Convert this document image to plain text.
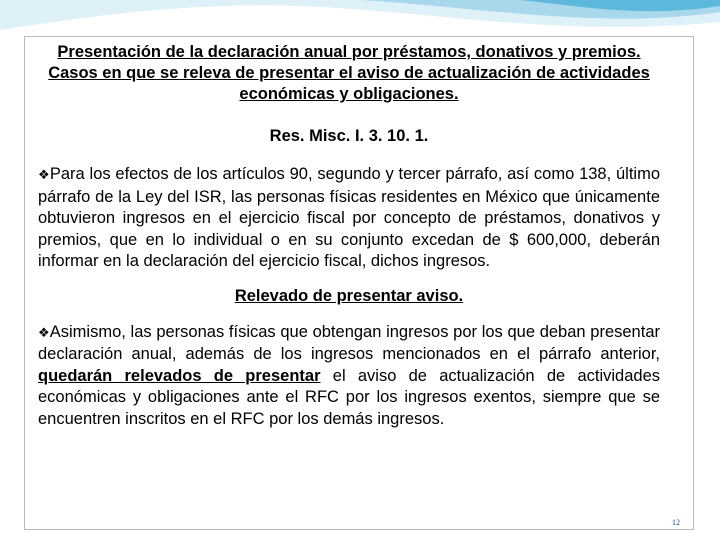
Presentación de la declaración anual por préstamos, donativos y premios. Casos en que se releva de presentar el aviso de actualización de actividades económicas y obligaciones.

Res. Misc. I. 3. 10. 1.

❖Para los efectos de los artículos 90, segundo y tercer párrafo, así como 138, último párrafo de la Ley del ISR, las personas físicas residentes en México que únicamente obtuvieron ingresos en el ejercicio fiscal por concepto de préstamos, donativos y premios, que en lo individual o en su conjunto excedan de $ 600,000, deberán informar en la declaración del ejercicio fiscal, dichos ingresos.

Relevado de presentar aviso.

❖Asimismo, las personas físicas que obtengan ingresos por los que deban presentar declaración anual, además de los ingresos mencionados en el párrafo anterior, quedarán relevados de presentar el aviso de actualización de actividades económicas y obligaciones ante el RFC por los ingresos exentos, siempre que se encuentren inscritos en el RFC por los demás ingresos.

12
